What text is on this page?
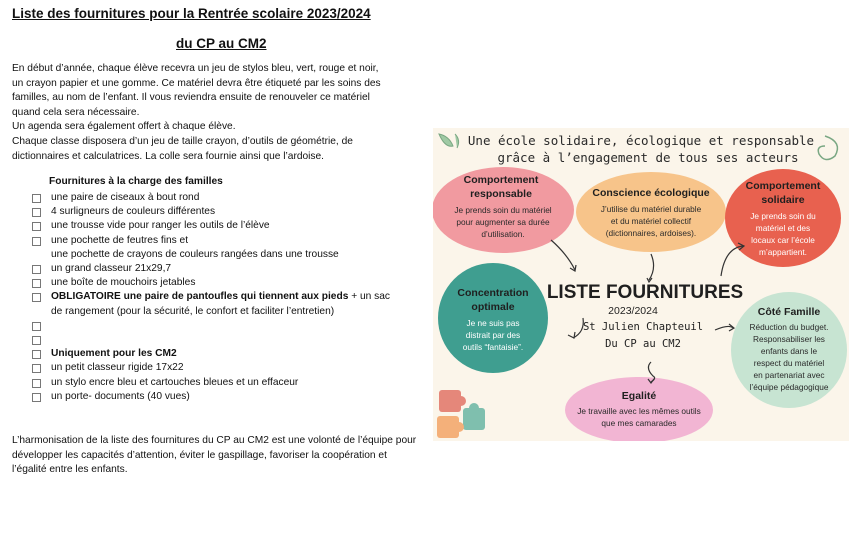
Liste des fournitures pour la Rentrée scolaire 2023/2024
du CP au CM2

En début d’année, chaque élève recevra un jeu de stylos bleu, vert, rouge et noir, un crayon papier et une gomme. Ce matériel devra être étiqueté par les soins des familles, au nom de l’enfant. Il vous reviendra ensuite de renouveler ce matériel quand cela sera nécessaire.

Un agenda sera également offert à chaque élève.

Chaque classe disposera d’un jeu de taille crayon, d’outils de géométrie, de dictionnaires et calculatrices. La colle sera fournie ainsi que l’ardoise.

Fournitures à la charge des familles
une paire de ciseaux à bout rond
4 surligneurs de couleurs différentes
une trousse vide pour ranger les outils de l’élève
une pochette de feutres fins et
une pochette de crayons de couleurs rangées dans une trousse
un grand classeur 21x29,7
une boîte de mouchoirs jetables
OBLIGATOIRE une paire de pantoufles qui tiennent aux pieds + un sac de rangement (pour la sécurité, le confort et faciliter l’entretien)
Uniquement pour les CM2
un petit classeur rigide 17x22
un stylo encre bleu et cartouches bleues et un effaceur
un porte- documents (40 vues)
L’harmonisation de la liste des fournitures du CP au CM2 est une volonté de l’équipe pour développer les capacités d’attention, éviter le gaspillage, favoriser la coopération et l’égalité entre les enfants.
Une école solidaire, écologique et responsable
grâce à l’engagement de tous ses acteurs
LISTE FOURNITURES
2023/2024
St Julien Chapteuil
Du CP au CM2
Comportement
responsable
Je prends soin du matériel
pour augmenter sa durée
d’utilisation.
Conscience écologique
J’utilise du matériel durable
et du matériel collectif
(dictionnaires, ardoises).
Comportement
solidaire
Je prends soin du
matériel et des
locaux car l’école
m’appartient.
Concentration
optimale
Je ne suis pas
distrait par des
outils “fantaisie”.
Côté Famille
Réduction du budget.
Responsabiliser les
enfants dans le
respect du matériel
en partenariat avec
l’équipe pédagogique
Egalité
Je travaille avec les mêmes outils
que mes camarades
